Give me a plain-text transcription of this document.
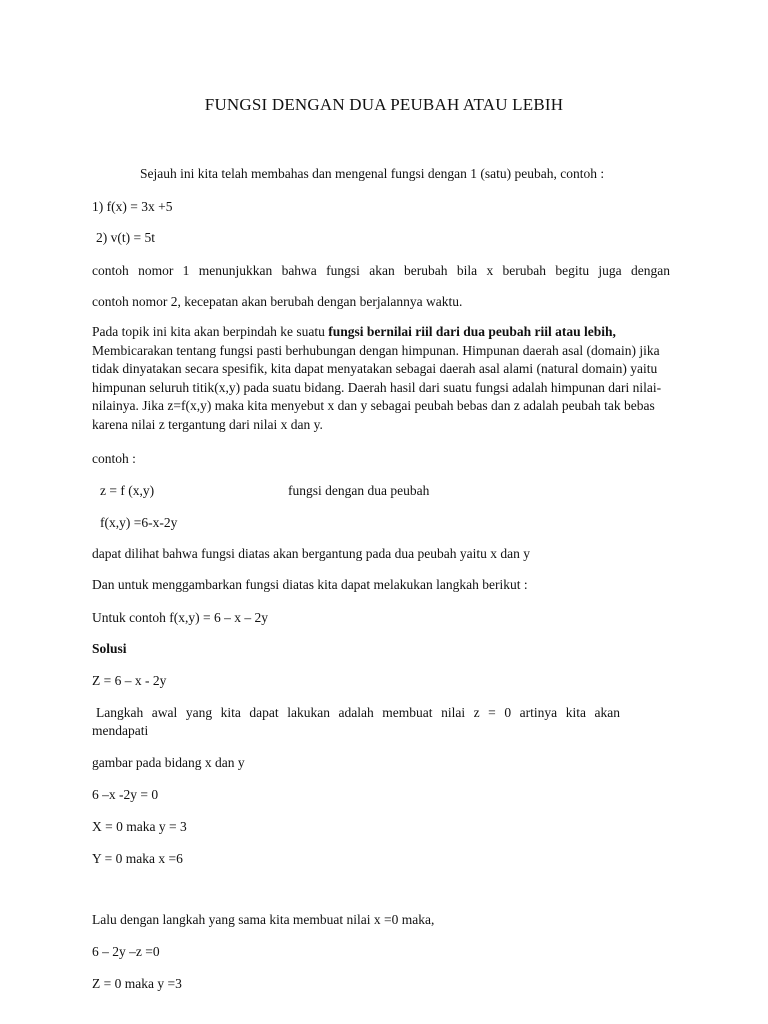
FUNGSI DENGAN DUA PEUBAH ATAU LEBIH
Sejauh ini kita telah membahas dan mengenal fungsi dengan 1 (satu) peubah, contoh :
1) f(x) = 3x +5
2) v(t) = 5t
contoh nomor 1 menunjukkan bahwa fungsi akan berubah bila x berubah begitu juga dengan
contoh nomor 2, kecepatan akan berubah dengan berjalannya waktu.
Pada topik ini kita akan berpindah ke suatu fungsi bernilai riil dari dua peubah riil atau lebih, Membicarakan tentang fungsi pasti berhubungan dengan himpunan. Himpunan daerah asal (domain) jika tidak dinyatakan secara spesifik, kita dapat menyatakan sebagai daerah asal alami (natural domain) yaitu himpunan seluruh titik(x,y) pada suatu bidang. Daerah hasil dari suatu fungsi adalah himpunan dari nilai-nilainya. Jika z=f(x,y) maka kita menyebut x dan y sebagai peubah bebas dan z adalah peubah tak bebas karena nilai z tergantung dari nilai x dan y.
contoh :
z = f (x,y)	fungsi dengan dua peubah
f(x,y) =6-x-2y
dapat dilihat bahwa fungsi diatas akan bergantung pada dua peubah yaitu x dan y
Dan untuk menggambarkan fungsi diatas kita dapat melakukan langkah berikut :
Untuk contoh f(x,y) = 6 – x – 2y
Solusi
Z = 6 – x - 2y
Langkah awal yang kita dapat lakukan adalah membuat nilai z = 0 artinya kita akan
mendapati
gambar pada bidang x dan y
6 –x -2y = 0
X = 0 maka y = 3
Y = 0 maka x =6
Lalu dengan langkah yang sama kita membuat nilai x =0 maka,
6 – 2y –z =0
Z = 0 maka y =3
